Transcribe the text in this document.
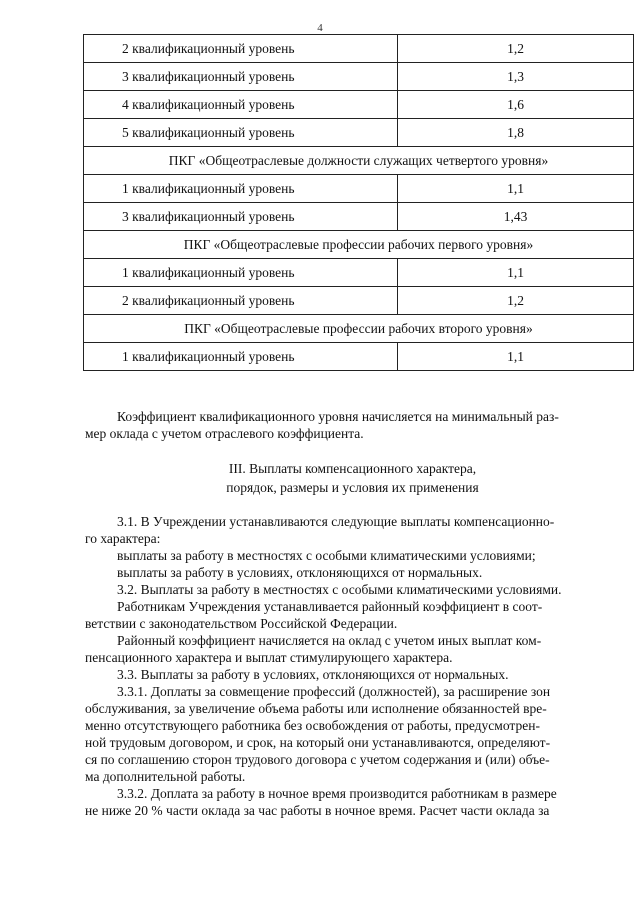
4
2 квалификационный уровень	1,2
3 квалификационный уровень	1,3
4 квалификационный уровень	1,6
5 квалификационный уровень	1,8
ПКГ «Общеотраслевые должности служащих четвертого уровня»	
1 квалификационный уровень	1,1
3 квалификационный уровень	1,43
ПКГ «Общеотраслевые профессии рабочих первого уровня»	
1 квалификационный уровень	1,1
2 квалификационный уровень	1,2
ПКГ «Общеотраслевые профессии рабочих второго уровня»	
1 квалификационный уровень	1,1

Коэффициент квалификационного уровня начисляется на минимальный раз-

мер оклада с учетом отраслевого коэффициента.

III. Выплаты компенсационного характера,

порядок, размеры и условия их применения

3.1. В Учреждении устанавливаются следующие выплаты компенсационно-

го характера:

выплаты за работу в местностях с особыми климатическими условиями;

выплаты за работу в условиях, отклоняющихся от нормальных.

3.2. Выплаты за работу в местностях с особыми климатическими условиями.

Работникам Учреждения устанавливается районный коэффициент в соот-

ветствии с законодательством Российской Федерации.

Районный коэффициент начисляется на оклад с учетом иных выплат ком-

пенсационного характера и выплат стимулирующего характера.

3.3. Выплаты за работу в условиях, отклоняющихся от нормальных.

3.3.1. Доплаты за совмещение профессий (должностей), за расширение зон

обслуживания, за увеличение объема работы или исполнение обязанностей вре-

менно отсутствующего работника без освобождения от работы, предусмотрен-

ной трудовым договором, и срок, на который они устанавливаются, определяют-

ся по соглашению сторон трудового договора с учетом содержания и (или) объе-

ма дополнительной работы.

3.3.2. Доплата за работу в ночное время производится работникам в размере

не ниже 20 % части оклада за час работы в ночное время. Расчет части оклада за
